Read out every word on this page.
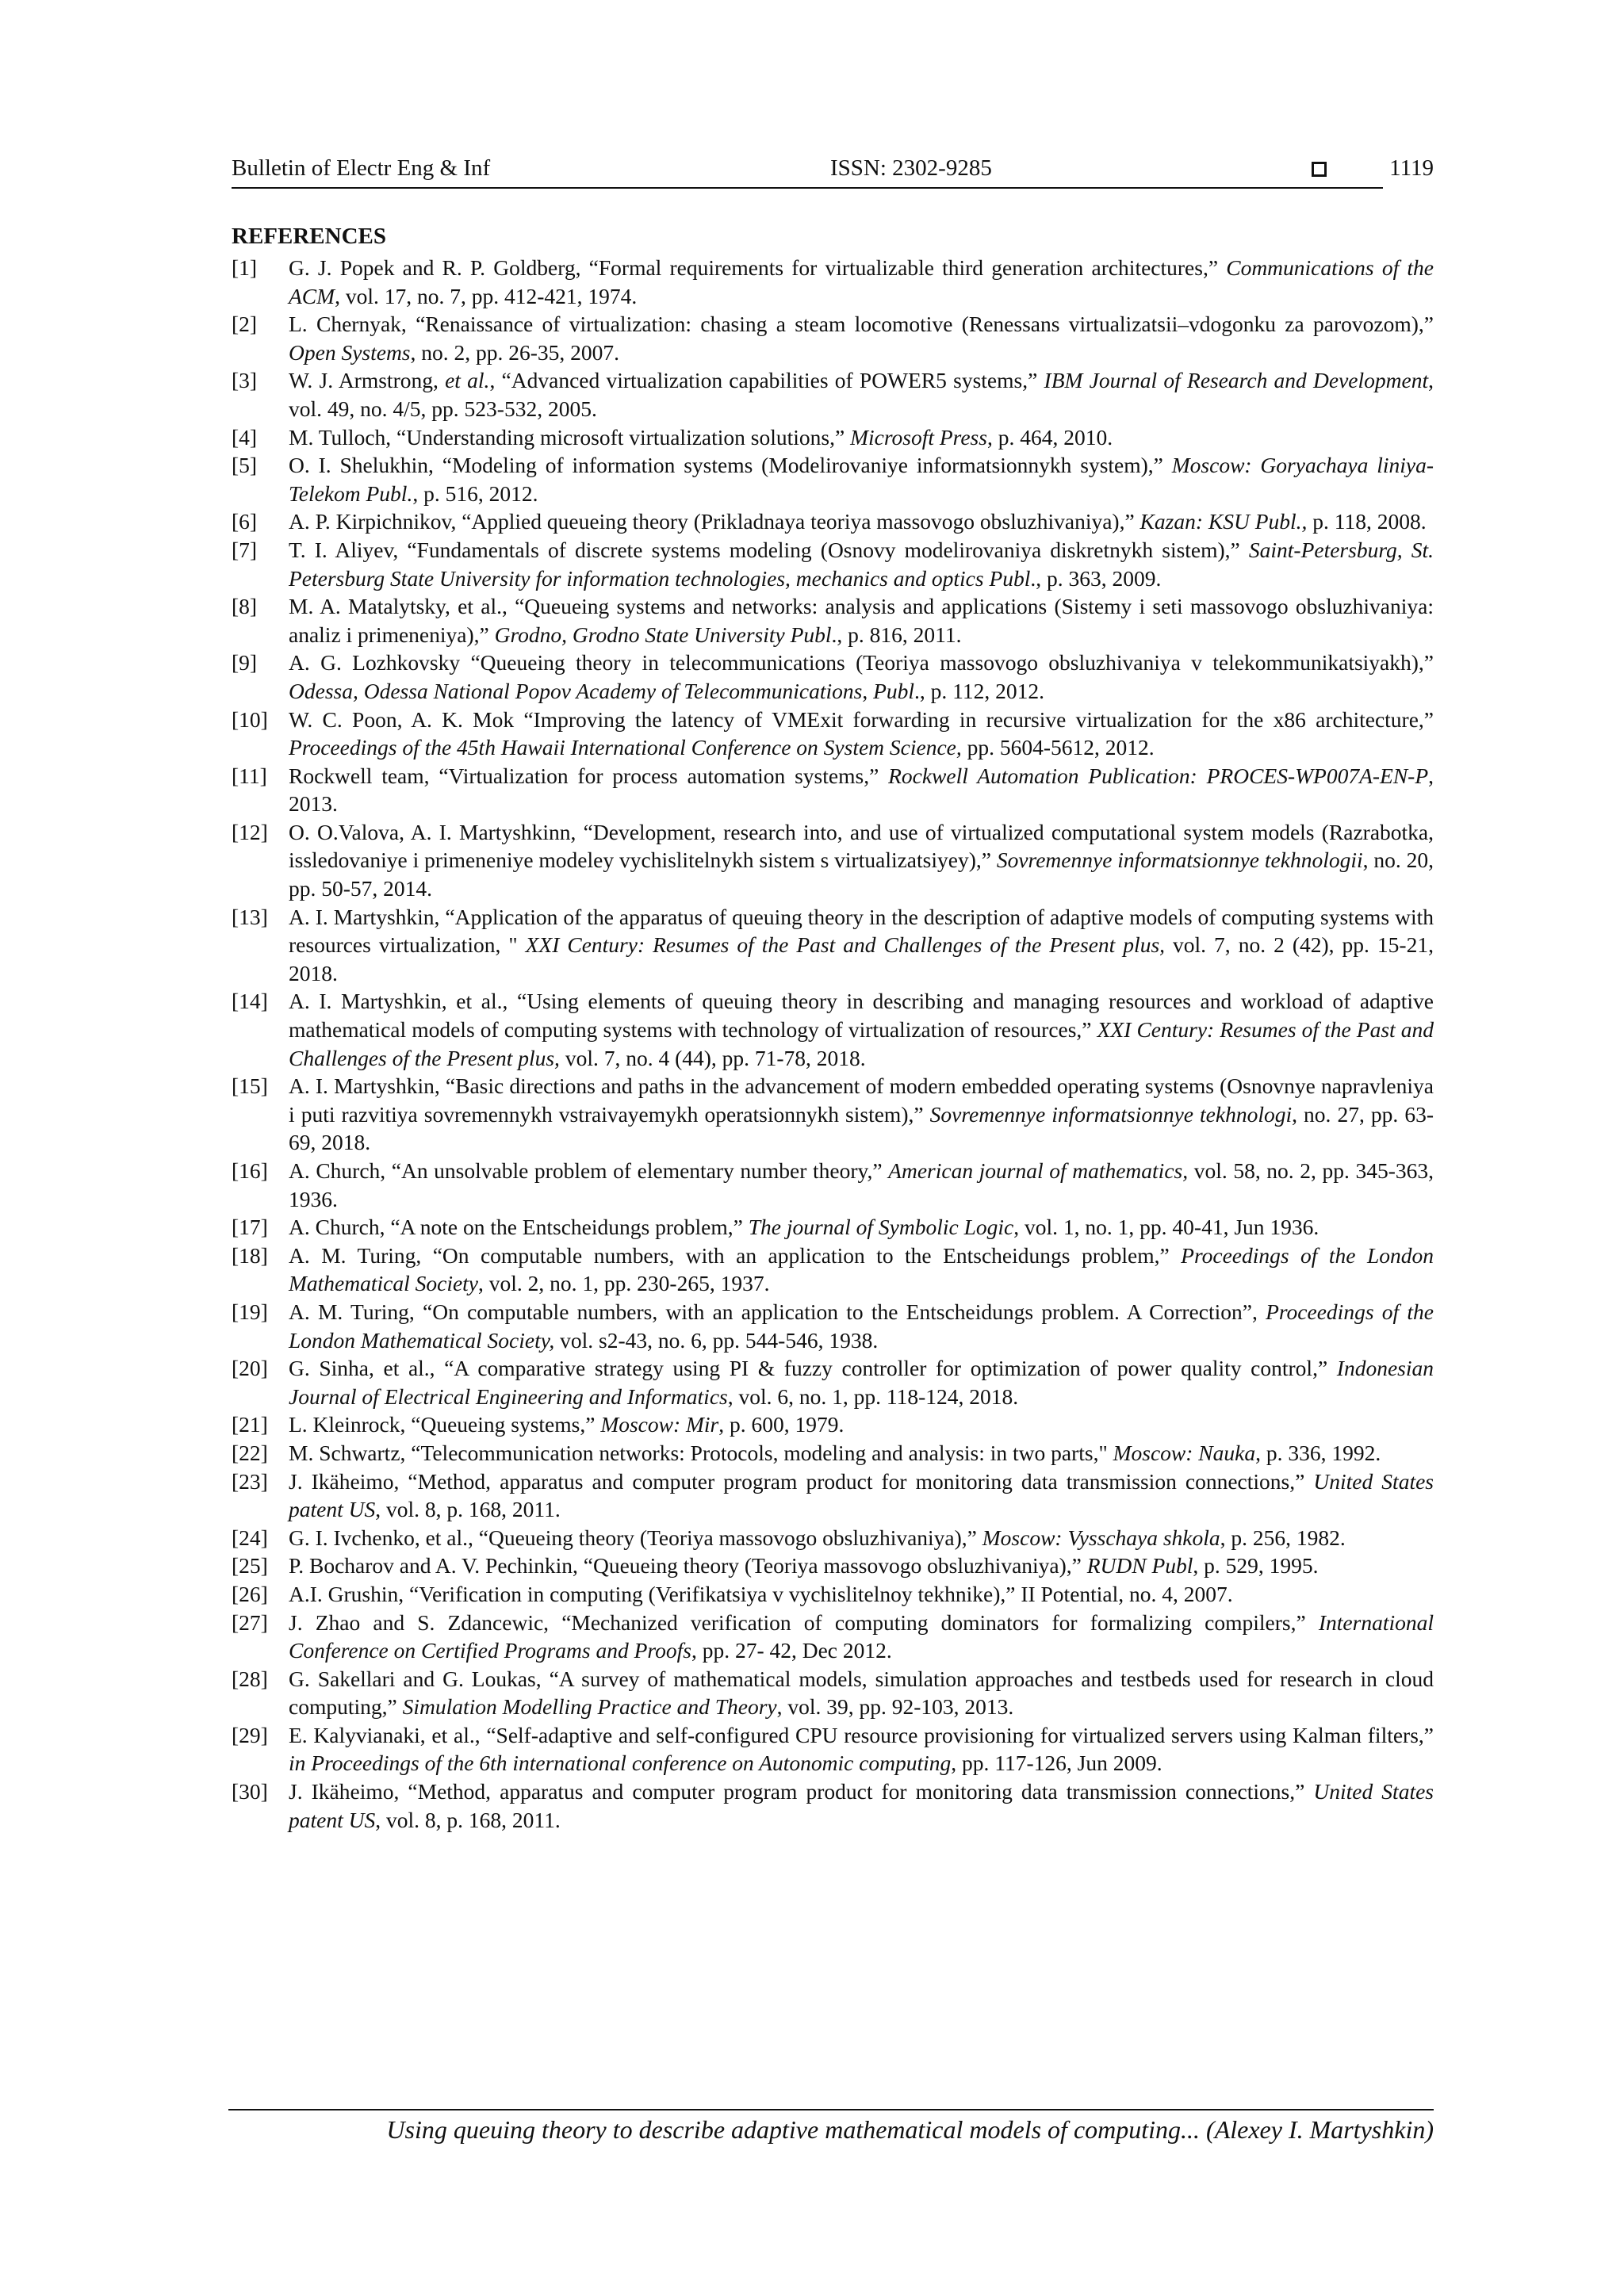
Bulletin of Electr Eng & Inf	ISSN: 2302-9285	1119
REFERENCES
[1] G. J. Popek and R. P. Goldberg, “Formal requirements for virtualizable third generation architectures,” Communications of the ACM, vol. 17, no. 7, pp. 412-421, 1974.
[2] L. Chernyak, “Renaissance of virtualization: chasing a steam locomotive (Renessans virtualizatsii–vdogonku za parovozom),” Open Systems, no. 2, pp. 26-35, 2007.
[3] W. J. Armstrong, et al., “Advanced virtualization capabilities of POWER5 systems,” IBM Journal of Research and Development, vol. 49, no. 4/5, pp. 523-532, 2005.
[4] M. Tulloch, “Understanding microsoft virtualization solutions,” Microsoft Press, p. 464, 2010.
[5] O. I. Shelukhin, “Modeling of information systems (Modelirovaniye informatsionnykh system),” Moscow: Goryachaya liniya-Telekom Publ., p. 516, 2012.
[6] A. P. Kirpichnikov, “Applied queueing theory (Prikladnaya teoriya massovogo obsluzhivaniya),” Kazan: KSU Publ., p. 118, 2008.
[7] T. I. Aliyev, “Fundamentals of discrete systems modeling (Osnovy modelirovaniya diskretnykh sistem),” Saint-Petersburg, St. Petersburg State University for information technologies, mechanics and optics Publ., p. 363, 2009.
[8] M. A. Matalytsky, et al., “Queueing systems and networks: analysis and applications (Sistemy i seti massovogo obsluzhivaniya: analiz i primeneniya),” Grodno, Grodno State University Publ., p. 816, 2011.
[9] A. G. Lozhkovsky “Queueing theory in telecommunications (Teoriya massovogo obsluzhivaniya v telekommunikatsiyakh),” Odessa, Odessa National Popov Academy of Telecommunications, Publ., p. 112, 2012.
[10] W. C. Poon, A. K. Mok “Improving the latency of VMExit forwarding in recursive virtualization for the x86 architecture,” Proceedings of the 45th Hawaii International Conference on System Science, pp. 5604-5612, 2012.
[11] Rockwell team, “Virtualization for process automation systems,” Rockwell Automation Publication: PROCES-WP007A-EN-P, 2013.
[12] O. O.Valova, A. I. Martyshkinn, “Development, research into, and use of virtualized computational system models (Razrabotka, issledovaniye i primeneniye modeley vychislitelnykh sistem s virtualizatsiyey),” Sovremennye informatsionnye tekhnologii, no. 20, pp. 50-57, 2014.
[13] A. I. Martyshkin, “Application of the apparatus of queuing theory in the description of adaptive models of computing systems with resources virtualization, " XXI Century: Resumes of the Past and Challenges of the Present plus, vol. 7, no. 2 (42), pp. 15-21, 2018.
[14] A. I. Martyshkin, et al., “Using elements of queuing theory in describing and managing resources and workload of adaptive mathematical models of computing systems with technology of virtualization of resources,” XXI Century: Resumes of the Past and Challenges of the Present plus, vol. 7, no. 4 (44), pp. 71-78, 2018.
[15] A. I. Martyshkin, “Basic directions and paths in the advancement of modern embedded operating systems (Osnovnye napravleniya i puti razvitiya sovremennykh vstraivayemykh operatsionnykh sistem),” Sovremennye informatsionnye tekhnologi, no. 27, pp. 63-69, 2018.
[16] A. Church, “An unsolvable problem of elementary number theory,” American journal of mathematics, vol. 58, no. 2, pp. 345-363, 1936.
[17] A. Church, “A note on the Entscheidungs problem,” The journal of Symbolic Logic, vol. 1, no. 1, pp. 40-41, Jun 1936.
[18] A. M. Turing, “On computable numbers, with an application to the Entscheidungs problem,” Proceedings of the London Mathematical Society, vol. 2, no. 1, pp. 230-265, 1937.
[19] A. M. Turing, “On computable numbers, with an application to the Entscheidungs problem. A Correction”, Proceedings of the London Mathematical Society, vol. s2-43, no. 6, pp. 544-546, 1938.
[20] G. Sinha, et al., “A comparative strategy using PI & fuzzy controller for optimization of power quality control,” Indonesian Journal of Electrical Engineering and Informatics, vol. 6, no. 1, pp. 118-124, 2018.
[21] L. Kleinrock, “Queueing systems,” Moscow: Mir, p. 600, 1979.
[22] M. Schwartz, “Telecommunication networks: Protocols, modeling and analysis: in two parts," Moscow: Nauka, p. 336, 1992.
[23] J. Ikäheimo, “Method, apparatus and computer program product for monitoring data transmission connections,” United States patent US, vol. 8, p. 168, 2011.
[24] G. I. Ivchenko, et al., “Queueing theory (Teoriya massovogo obsluzhivaniya),” Moscow: Vysschaya shkola, p. 256, 1982.
[25] P. Bocharov and A. V. Pechinkin, “Queueing theory (Teoriya massovogo obsluzhivaniya),” RUDN Publ, p. 529, 1995.
[26] A.I. Grushin, “Verification in computing (Verifikatsiya v vychislitelnoy tekhnike),” II Potential, no. 4, 2007.
[27] J. Zhao and S. Zdancewic, “Mechanized verification of computing dominators for formalizing compilers,” International Conference on Certified Programs and Proofs, pp. 27- 42, Dec 2012.
[28] G. Sakellari and G. Loukas, “A survey of mathematical models, simulation approaches and testbeds used for research in cloud computing,” Simulation Modelling Practice and Theory, vol. 39, pp. 92-103, 2013.
[29] E. Kalyvianaki, et al., “Self-adaptive and self-configured CPU resource provisioning for virtualized servers using Kalman filters,” in Proceedings of the 6th international conference on Autonomic computing, pp. 117-126, Jun 2009.
[30] J. Ikäheimo, “Method, apparatus and computer program product for monitoring data transmission connections,” United States patent US, vol. 8, p. 168, 2011.
Using queuing theory to describe adaptive mathematical models of computing... (Alexey I. Martyshkin)
